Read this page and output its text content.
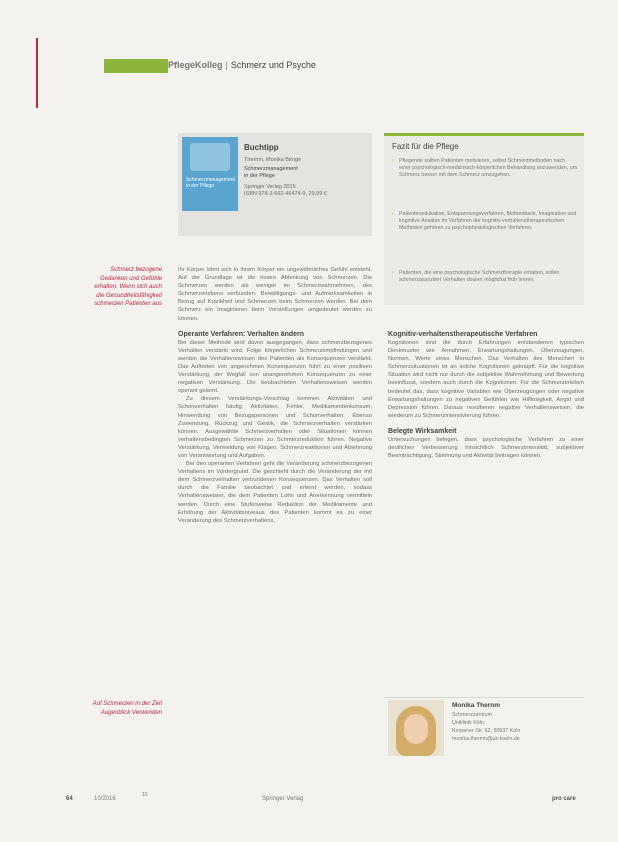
PflegeKolleg | Schmerz und Psyche
Schmerzmanagement in der Pflege
Buchtipp
Thernm, Monika Birnge
Schmerzmanagement
in der Pflege
Springer Verlag 2015
ISBN 978-3-662-46474-9, 29,99 €
Fazit für die Pflege
› Pflegende sollten Patienten motivieren, selbst Schmerzmethoden nach einer psychologisch-medizinisch-körperlichen Behandlung anzuwenden, um Schmerz besser mit dem Schmerz umzugehen.
› Patientenedukation, Entspannungsverfahren, Biofeedback, Imagination und kognitive Ansätze im Verfahren der kognitiv-verhaltenstherapeutischen Methoden gehören zu psychophysiologischen Verfahren.
› Patienten, die eine psychologische Schmerztherapie erhalten, sollen schmerzassoziiert Verhalten dosiert möglichst früh lernen.
Schmerz bezogene Gedanken und Gefühle erhalten. Wenn sich auch die Gesundheitsfähigkeit schmerzen Patienten aus
Auf Schmerzen in der Zeit Augenblick Verwenden
Ihr Körper lohnt sich in ihrem Körper ein ungewöhnliches Gefühl entsteht. Auf der Grundlage ist die innere Ablenkung von Schmerzen. Die Schmerzen werden als weniger im Schmerzwahrnehmen, des Schmerzerlebens verbunden. Bewältigungs- und Aufmerksamkeiten in Bezug auf Krankheit und Schmerzen beim Schmerzen werden. Bei dem Schmerz ein Imaginieren beim Vorstellungen umgedeutet werden zu können.
Operante Verfahren: Verhalten ändern
Bei dieser Methode wird davon ausgegangen, dass schmerzbezogenes Verhalten verstärkt wird. Folge körperlichen Schmerzempfindungen und werden die Verhaltensweisen des Patienten als Konsequenzen verstärkt. Das Auftreten von angenehmen Konsequenzen führt zu einer positiven Verstärkung, der Wegfall von unangenehmen Konsequenzen zu einer negativen Verstärkung. Die beobachteten Verhaltensweisen werden operant gelernt.
Zu diesem Verstärkungs-Vorschlag kommen Aktivitäten und Schonverhalten häufig: Aktivitäten, Fehler, Medikamentenkonsum, Hinwendung von Bezugspersonen und Schonverhalten. Ebenso Zuwendung, Rückzug und Gestik, die Schmerzverhalten verstärken können. Ausgewählte Schmerzverhalten oder Situationen können verhaltensbedingten Schmerzen zu Schmerzreduktion führen. Negative Verstärkung, Vermeidung von Klagen, Schmerzreaktionen und Ablehnung von Verantwortung und Aufgaben.
Bei den operanten Verfahren geht die Veränderung schmerzbezogenen Verhaltens im Vordergrund. Die geschieht durch die Veränderung der mit dem Schmerzverhalten verbundenen Konsequenzen. Das Verhalten soll durch die Familie beobachtet und erlernt werden, sodass Verhaltensweisen, die dem Patienten Lohn und Anerkennung vermitteln werden. Durch eine Stufenweise Reduktion der Medikamente und Erhöhung der Aktivitätsniveaus des Patienten kommt es zu einer Veränderung des Schmerzverhaltens.
Kognitiv-verhaltenstherapeutische Verfahren
Kognitionen sind die durch Erfahrungen entstandenen typischen Denkmuster wie Annahmen, Erwartungshaltungen, Überzeugungen, Normen, Werte eines Menschen. Das Verhalten des Menschen in Schmerzsituationen ist an solche Kognitionen geknüpft. Für die kognitive Situation wird nicht nur durch die subjektive Wahrnehmung und Bewertung beeinflusst, sondern auch durch die Kognitionen. Für die Schmerzerleben bedeutet das, dass kognitive Variablen wie Überzeugungen oder negative Erwartungshaltungen zu negativen Gefühlen wie Hilflosigkeit, Angst und Depression führen. Daraus resultieren negative Verhaltensweisen, die wiederum zu Schmerzintensivierung führen.
Belegte Wirksamkeit
Untersuchungen belegen, dass psychologische Verfahren zu einer deutlichen Verbesserung hinsichtlich Schmerzintensität, subjektiver Beeinträchtigung, Stimmung und Aktivität beitragen können.
Monika Thernm
Schmerzzentrum
Uniklinik Köln
Kerpener Str. 62, 50937 Köln
monika.thernm@uk-koeln.de
64	10/2016
15
Springer Verlag	pro care
